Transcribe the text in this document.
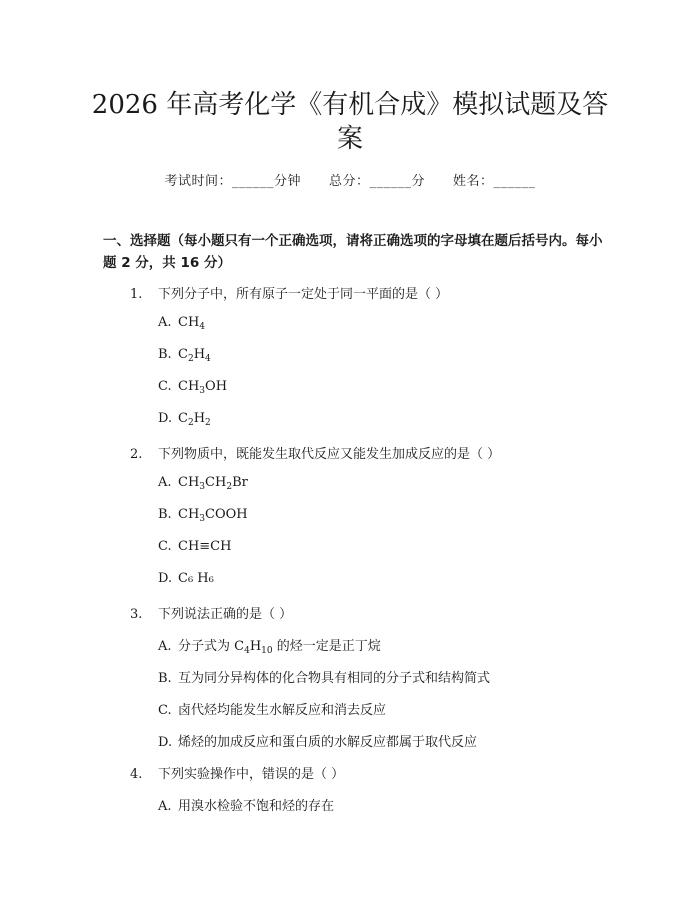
2026 年高考化学《有机合成》模拟试题及答案
考试时间：______分钟 总分：______分 姓名：______
一、选择题（每小题只有一个正确选项，请将正确选项的字母填在题后括号内。每小题 2 分，共 16 分）
1. 下列分子中，所有原子一定处于同一平面的是（ ）
A. $CH_4$
B. $C_2H_4$
C. $CH_3OH$
D. $C_2H_2$
2. 下列物质中，既能发生取代反应又能发生加成反应的是（ ）
A. $CH_3CH_2Br$
B. $CH_3COOH$
C. CH≡CH
D. C₆ H₆
3. 下列说法正确的是（ ）
A. 分子式为 $C_4H_{10}$ 的烃一定是正丁烷
B. 互为同分异构体的化合物具有相同的分子式和结构简式
C. 卤代烃均能发生水解反应和消去反应
D. 烯烃的加成反应和蛋白质的水解反应都属于取代反应
4. 下列实验操作中，错误的是（ ）
A. 用溴水检验不饱和烃的存在
